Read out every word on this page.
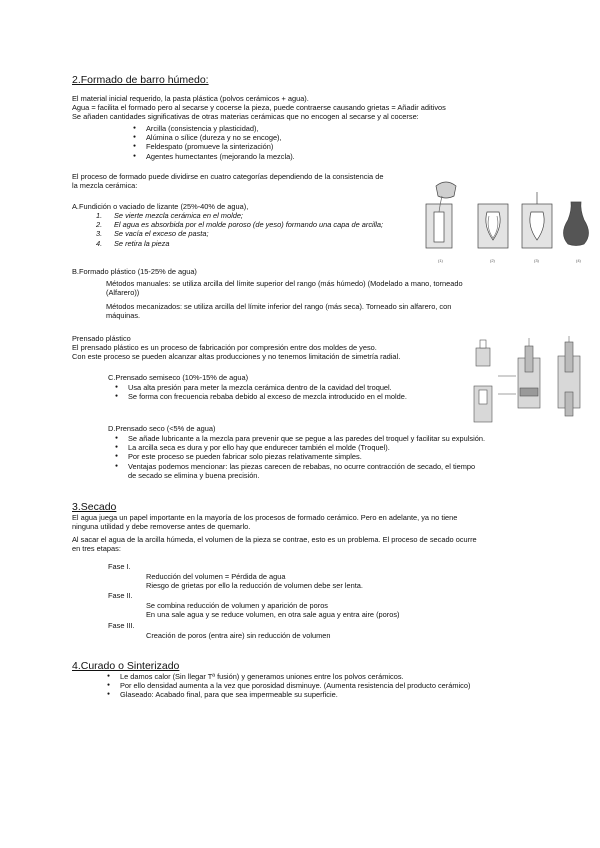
2.Formado de barro húmedo:
El material inicial requerido, la pasta plástica (polvos cerámicos + agua).
Agua = facilita el formado pero al secarse y cocerse la pieza, puede contraerse causando grietas = Añadir aditivos
Se añaden cantidades significativas de otras materias cerámicas que no encogen al secarse y al cocerse:
● Arcilla (consistencia y plasticidad),
● Alúmina o sílice (dureza y no se encoge),
● Feldespato (promueve la sinterización)
● Agentes humectantes (mejorando la mezcla).
El proceso de formado puede dividirse en cuatro categorías dependiendo de la consistencia de
la mezcla cerámica:
A.Fundición o vaciado de lizante (25%-40% de agua),
1. Se vierte mezcla cerámica en el molde;
2. El agua es absorbida por el molde poroso (de yeso) formando una capa de arcilla;
3. Se vacía el exceso de pasta;
4. Se retira la pieza
(1)	(2)	(3)	(4)
B.Formado plástico (15-25% de agua)
Métodos manuales: se utiliza arcilla del límite superior del rango (más húmedo) (Modelado a mano, torneado
(Alfarero))
Métodos mecanizados: se utiliza arcilla del límite inferior del rango (más seca). Torneado sin alfarero, con
máquinas.
Prensado plástico
El prensado plástico es un proceso de fabricación por compresión entre dos moldes de yeso.
Con este proceso se pueden alcanzar altas producciones y no tenemos limitación de simetría radial.
C.Prensado semiseco (10%-15% de agua)
● Usa alta presión para meter la mezcla cerámica dentro de la cavidad del troquel.
● Se forma con frecuencia rebaba debido al exceso de mezcla introducido en el molde.
D.Prensado seco (<5% de agua)
● Se añade lubricante a la mezcla para prevenir que se pegue a las paredes del troquel y facilitar su expulsión.
● La arcilla seca es dura y por ello hay que endurecer también el molde (Troquel).
● Por este proceso se pueden fabricar solo piezas relativamente simples.
● Ventajas podemos mencionar: las piezas carecen de rebabas, no ocurre contracción de secado, el tiempo
de secado se elimina y buena precisión.
3.Secado
El agua juega un papel importante en la mayoría de los procesos de formado cerámico. Pero en adelante, ya no tiene
ninguna utilidad y debe removerse antes de quemarlo.
Al sacar el agua de la arcilla húmeda, el volumen de la pieza se contrae, esto es un problema. El proceso de secado ocurre
en tres etapas:
Fase I.
Reducción del volumen = Pérdida de agua
Riesgo de grietas por ello la reducción de volumen debe ser lenta.
Fase II.
Se combina reducción de volumen y aparición de poros
En una sale agua y se reduce volumen, en otra sale agua y entra aire (poros)
Fase III.
Creación de poros (entra aire) sin reducción de volumen
4.Curado o Sinterizado
● Le damos calor (Sin llegar Tª fusión) y generamos uniones entre los polvos cerámicos.
● Por ello densidad aumenta a la vez que porosidad disminuye. (Aumenta resistencia del producto cerámico)
● Glaseado: Acabado final, para que sea impermeable su superficie.
